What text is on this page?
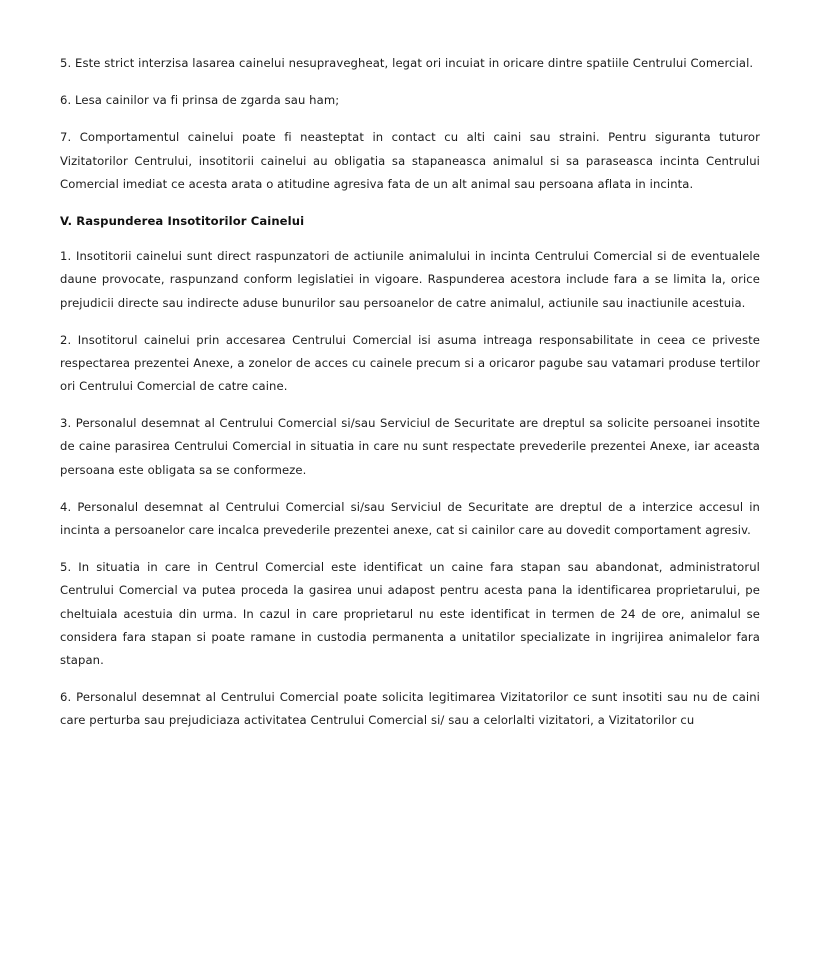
5. Este strict interzisa lasarea cainelui nesupravegheat, legat ori incuiat in oricare dintre spatiile Centrului Comercial.

6. Lesa cainilor va fi prinsa de zgarda sau ham;

7. Comportamentul cainelui poate fi neasteptat in contact cu alti caini sau straini. Pentru siguranta tuturor Vizitatorilor Centrului, insotitorii cainelui au obligatia sa stapaneasca animalul si sa paraseasca incinta Centrului Comercial imediat ce acesta arata o atitudine agresiva fata de un alt animal sau persoana aflata in incinta.

V. Raspunderea Insotitorilor Cainelui

1. Insotitorii cainelui sunt direct raspunzatori de actiunile animalului in incinta Centrului Comercial si de eventualele daune provocate, raspunzand conform legislatiei in vigoare. Raspunderea acestora include fara a se limita la, orice prejudicii directe sau indirecte aduse bunurilor sau persoanelor de catre animalul, actiunile sau inactiunile acestuia.

2. Insotitorul cainelui prin accesarea Centrului Comercial isi asuma intreaga responsabilitate in ceea ce priveste respectarea prezentei Anexe, a zonelor de acces cu cainele precum si a oricaror pagube sau vatamari produse tertilor ori Centrului Comercial de catre caine.

3. Personalul desemnat al Centrului Comercial si/sau Serviciul de Securitate are dreptul sa solicite persoanei insotite de caine parasirea Centrului Comercial in situatia in care nu sunt respectate prevederile prezentei Anexe, iar aceasta persoana este obligata sa se conformeze.

4. Personalul desemnat al Centrului Comercial si/sau Serviciul de Securitate are dreptul de a interzice accesul in incinta a persoanelor care incalca prevederile prezentei anexe, cat si cainilor care au dovedit comportament agresiv.

5. In situatia in care in Centrul Comercial este identificat un caine fara stapan sau abandonat, administratorul Centrului Comercial va putea proceda la gasirea unui adapost pentru acesta pana la identificarea proprietarului, pe cheltuiala acestuia din urma. In cazul in care proprietarul nu este identificat in termen de 24 de ore, animalul se considera fara stapan si poate ramane in custodia permanenta a unitatilor specializate in ingrijirea animalelor fara stapan.

6. Personalul desemnat al Centrului Comercial poate solicita legitimarea Vizitatorilor ce sunt insotiti sau nu de caini care perturba sau prejudiciaza activitatea Centrului Comercial si/ sau a celorlalti vizitatori, a Vizitatorilor cu
